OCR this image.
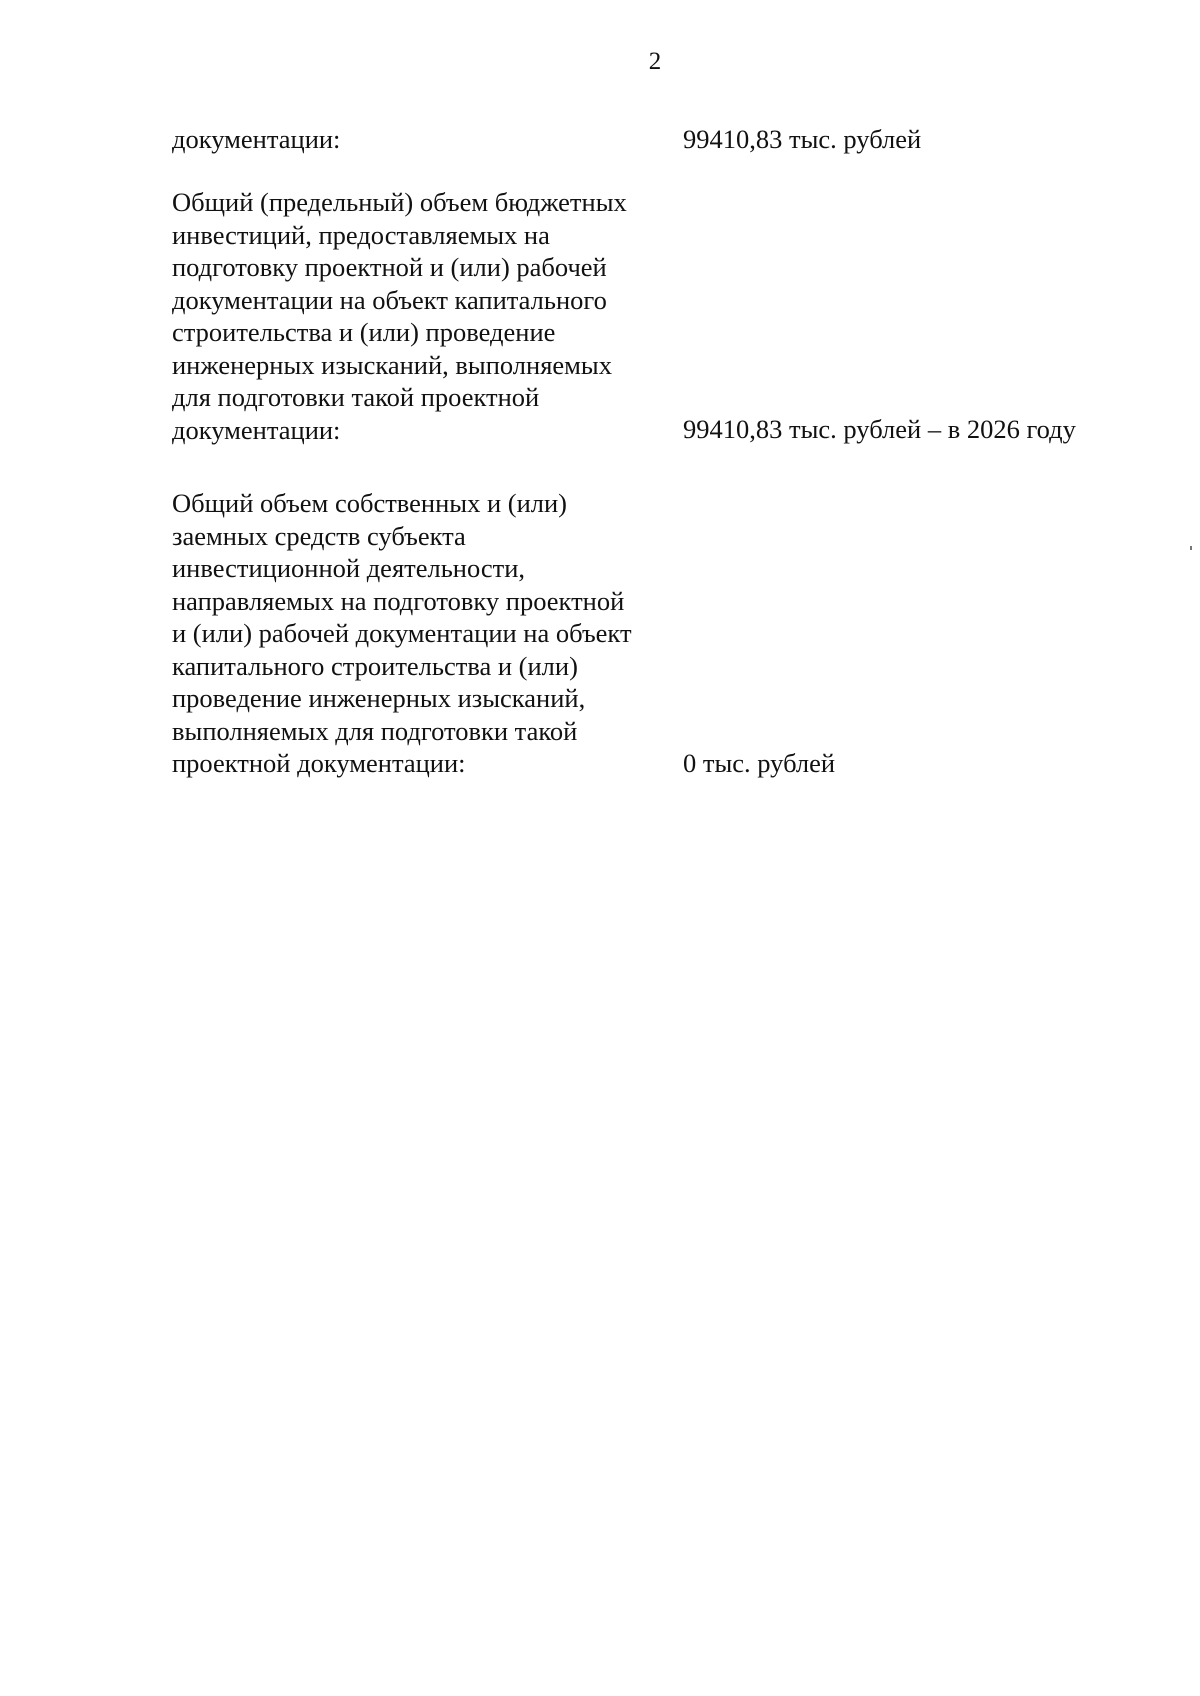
2
документации:	99410,83 тыс. рублей
Общий (предельный) объем бюджетных
инвестиций, предоставляемых на
подготовку проектной и (или) рабочей
документации на объект капитального
строительства и (или) проведение
инженерных изысканий, выполняемых
для подготовки такой проектной
документации:	99410,83 тыс. рублей – в 2026 году
Общий объем собственных и (или)
заемных средств субъекта
инвестиционной деятельности,
направляемых на подготовку проектной
и (или) рабочей документации на объект
капитального строительства и (или)
проведение инженерных изысканий,
выполняемых для подготовки такой
проектной документации:	0 тыс. рублей
